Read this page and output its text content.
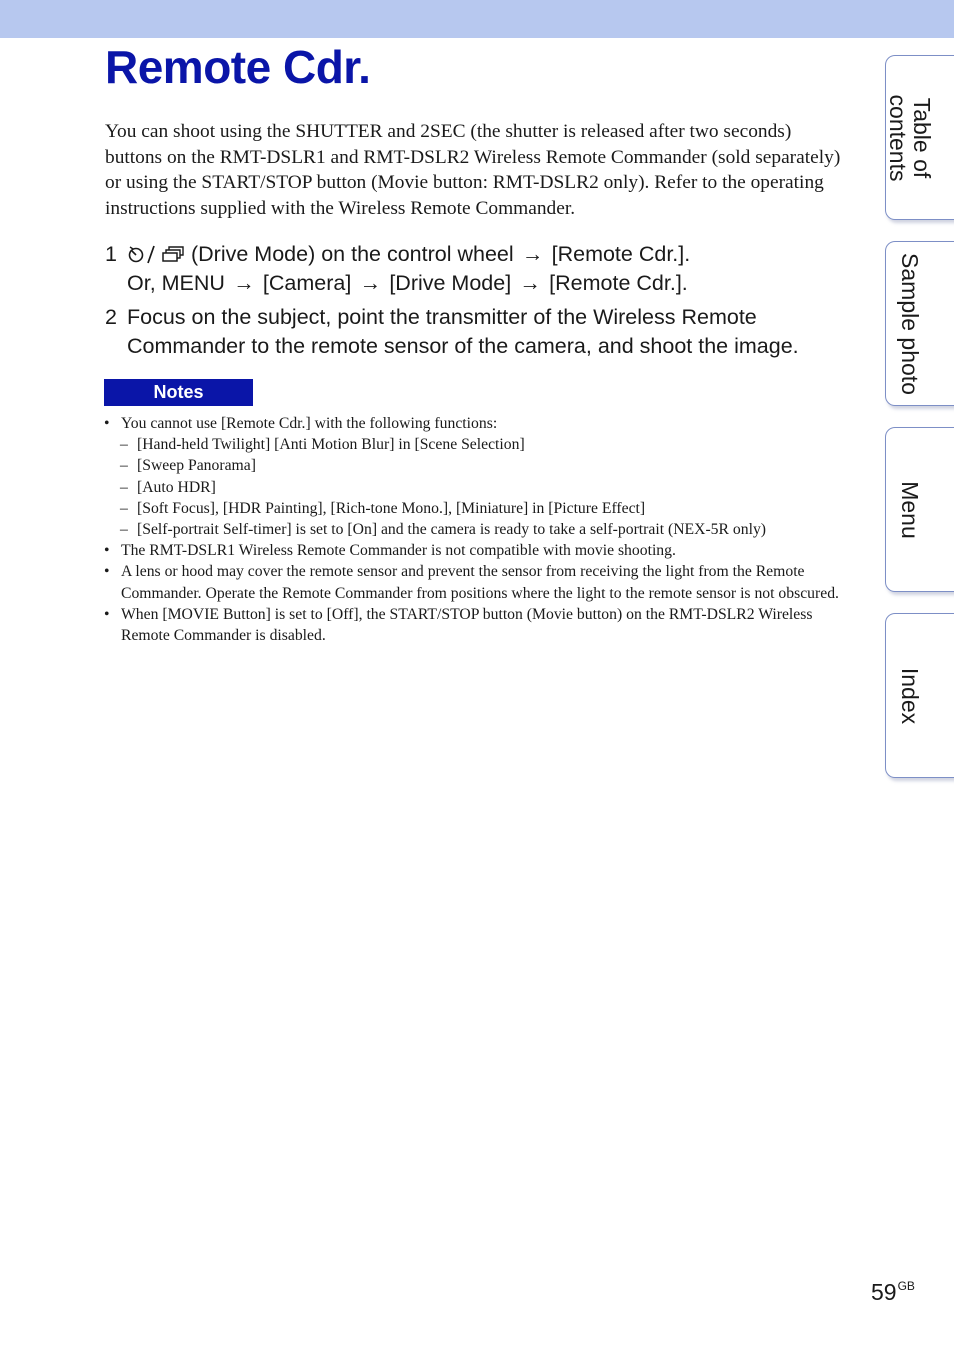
Remote Cdr.

You can shoot using the SHUTTER and 2SEC (the shutter is released after two seconds) buttons on the RMT-DSLR1 and RMT-DSLR2 Wireless Remote Commander (sold separately) or using the START/STOP button (Movie button: RMT-DSLR2 only). Refer to the operating instructions supplied with the Wireless Remote Commander.

1	(Drive Mode) on the control wheel → [Remote Cdr.].
Or, MENU → [Camera] → [Drive Mode] → [Remote Cdr.].
2 Focus on the subject, point the transmitter of the Wireless Remote Commander to the remote sensor of the camera, and shoot the image.
Notes
• You cannot use [Remote Cdr.] with the following functions:
– [Hand-held Twilight] [Anti Motion Blur] in [Scene Selection]
– [Sweep Panorama]
– [Auto HDR]
– [Soft Focus], [HDR Painting], [Rich-tone Mono.], [Miniature] in [Picture Effect]
– [Self-portrait Self-timer] is set to [On] and the camera is ready to take a self-portrait (NEX-5R only)
• The RMT-DSLR1 Wireless Remote Commander is not compatible with movie shooting.
• A lens or hood may cover the remote sensor and prevent the sensor from receiving the light from the Remote Commander. Operate the Remote Commander from positions where the light to the remote sensor is not obscured.
• When [MOVIE Button] is set to [Off], the START/STOP button (Movie button) on the RMT-DSLR2 Wireless Remote Commander is disabled.
Table of
contents
Sample photo
Menu
Index
$59^{GB}$
